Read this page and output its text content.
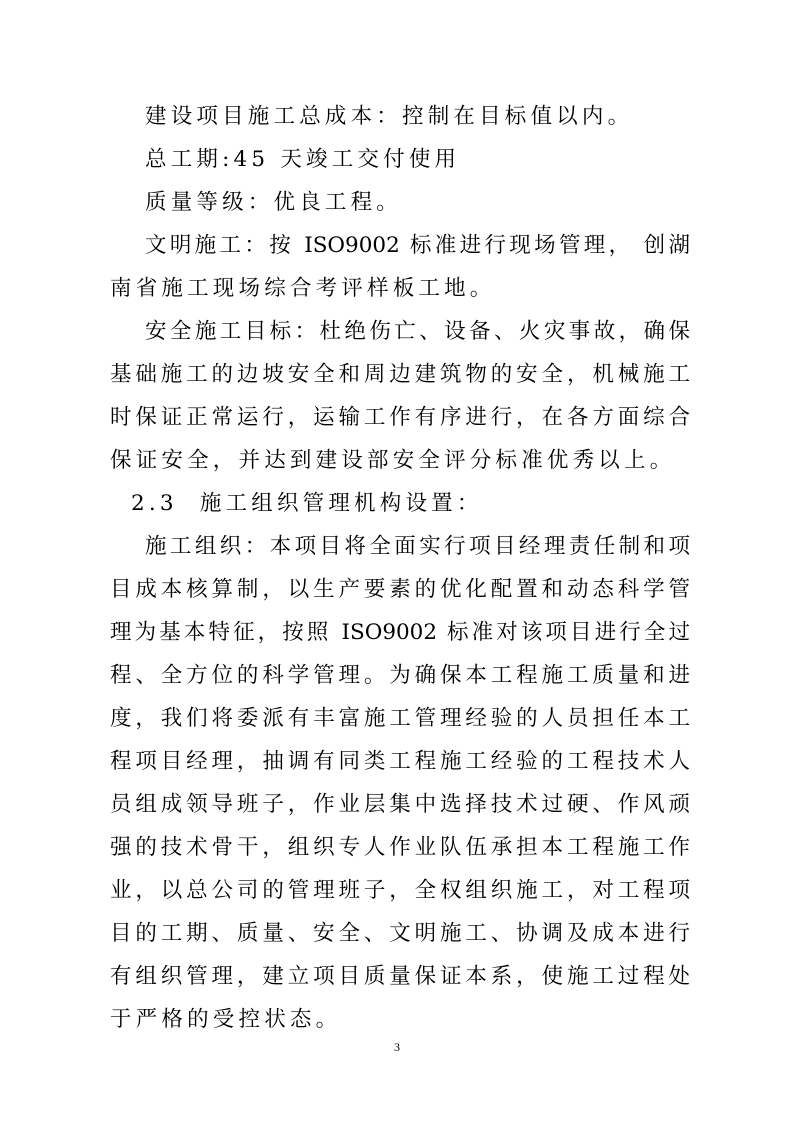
建设项目施工总成本：控制在目标值以内。
总工期:45 天竣工交付使用
质量等级：优良工程。
文明施工：按 ISO9002 标准进行现场管理， 创湖
南省施工现场综合考评样板工地。
安全施工目标：杜绝伤亡、设备、火灾事故，确保
基础施工的边坡安全和周边建筑物的安全，机械施工
时保证正常运行，运输工作有序进行，在各方面综合
保证安全，并达到建设部安全评分标准优秀以上。
2.3  施工组织管理机构设置：
施工组织：本项目将全面实行项目经理责任制和项
目成本核算制，以生产要素的优化配置和动态科学管
理为基本特征，按照 ISO9002 标准对该项目进行全过
程、全方位的科学管理。为确保本工程施工质量和进
度，我们将委派有丰富施工管理经验的人员担任本工
程项目经理，抽调有同类工程施工经验的工程技术人
员组成领导班子，作业层集中选择技术过硬、作风顽
强的技术骨干，组织专人作业队伍承担本工程施工作
业，以总公司的管理班子，全权组织施工，对工程项
目的工期、质量、安全、文明施工、协调及成本进行
有组织管理，建立项目质量保证本系，使施工过程处
于严格的受控状态。
3
